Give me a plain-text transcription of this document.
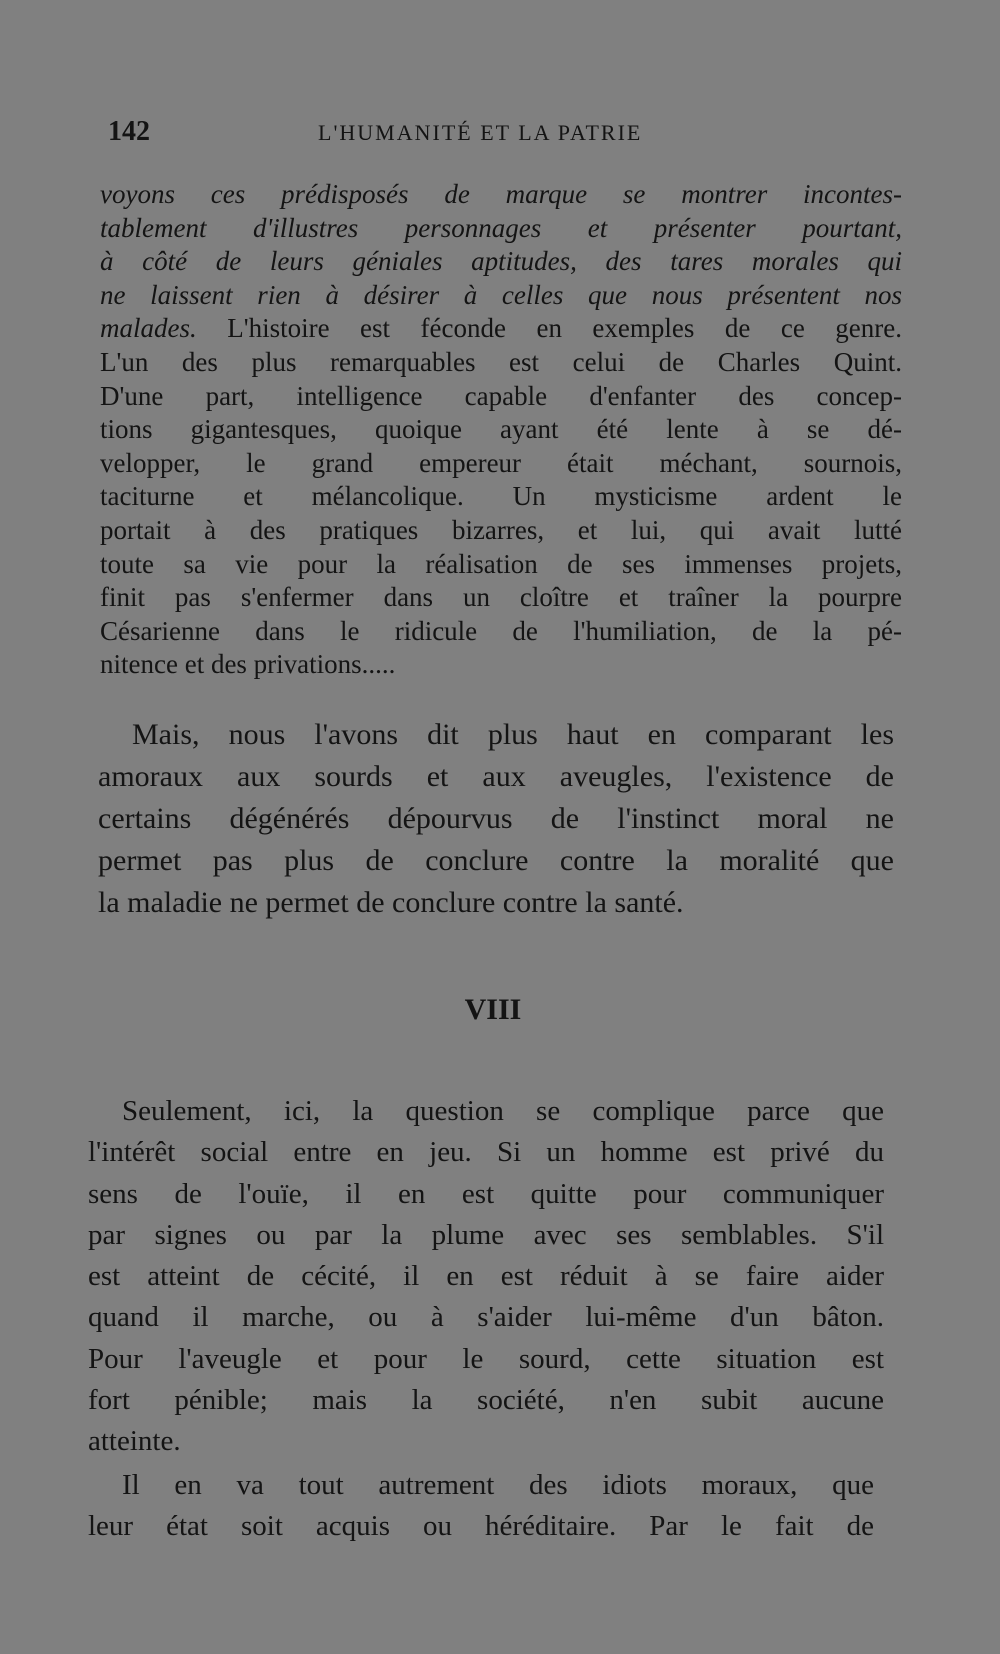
142	L'HUMANITÉ ET LA PATRIE
voyons ces prédisposés de marque se montrer incontes-
tablement d'illustres personnages et présenter pourtant,
à côté de leurs géniales aptitudes, des tares morales qui
ne laissent rien à désirer à celles que nous présentent nos
malades. L'histoire est féconde en exemples de ce genre.
L'un des plus remarquables est celui de Charles Quint.
D'une part, intelligence capable d'enfanter des concep-
tions gigantesques, quoique ayant été lente à se dé-
velopper, le grand empereur était méchant, sournois,
taciturne et mélancolique. Un mysticisme ardent le
portait à des pratiques bizarres, et lui, qui avait lutté
toute sa vie pour la réalisation de ses immenses projets,
finit pas s'enfermer dans un cloître et traîner la pourpre
Césarienne dans le ridicule de l'humiliation, de la pé-
nitence et des privations.....
Mais, nous l'avons dit plus haut en comparant les
amoraux aux sourds et aux aveugles, l'existence de
certains dégénérés dépourvus de l'instinct moral ne
permet pas plus de conclure contre la moralité que
la maladie ne permet de conclure contre la santé.
VIII
Seulement, ici, la question se complique parce que
l'intérêt social entre en jeu. Si un homme est privé du
sens de l'ouïe, il en est quitte pour communiquer
par signes ou par la plume avec ses semblables. S'il
est atteint de cécité, il en est réduit à se faire aider
quand il marche, ou à s'aider lui-même d'un bâton.
Pour l'aveugle et pour le sourd, cette situation est
fort pénible; mais la société, n'en subit aucune
atteinte.
Il en va tout autrement des idiots moraux, que
leur état soit acquis ou héréditaire. Par le fait de
